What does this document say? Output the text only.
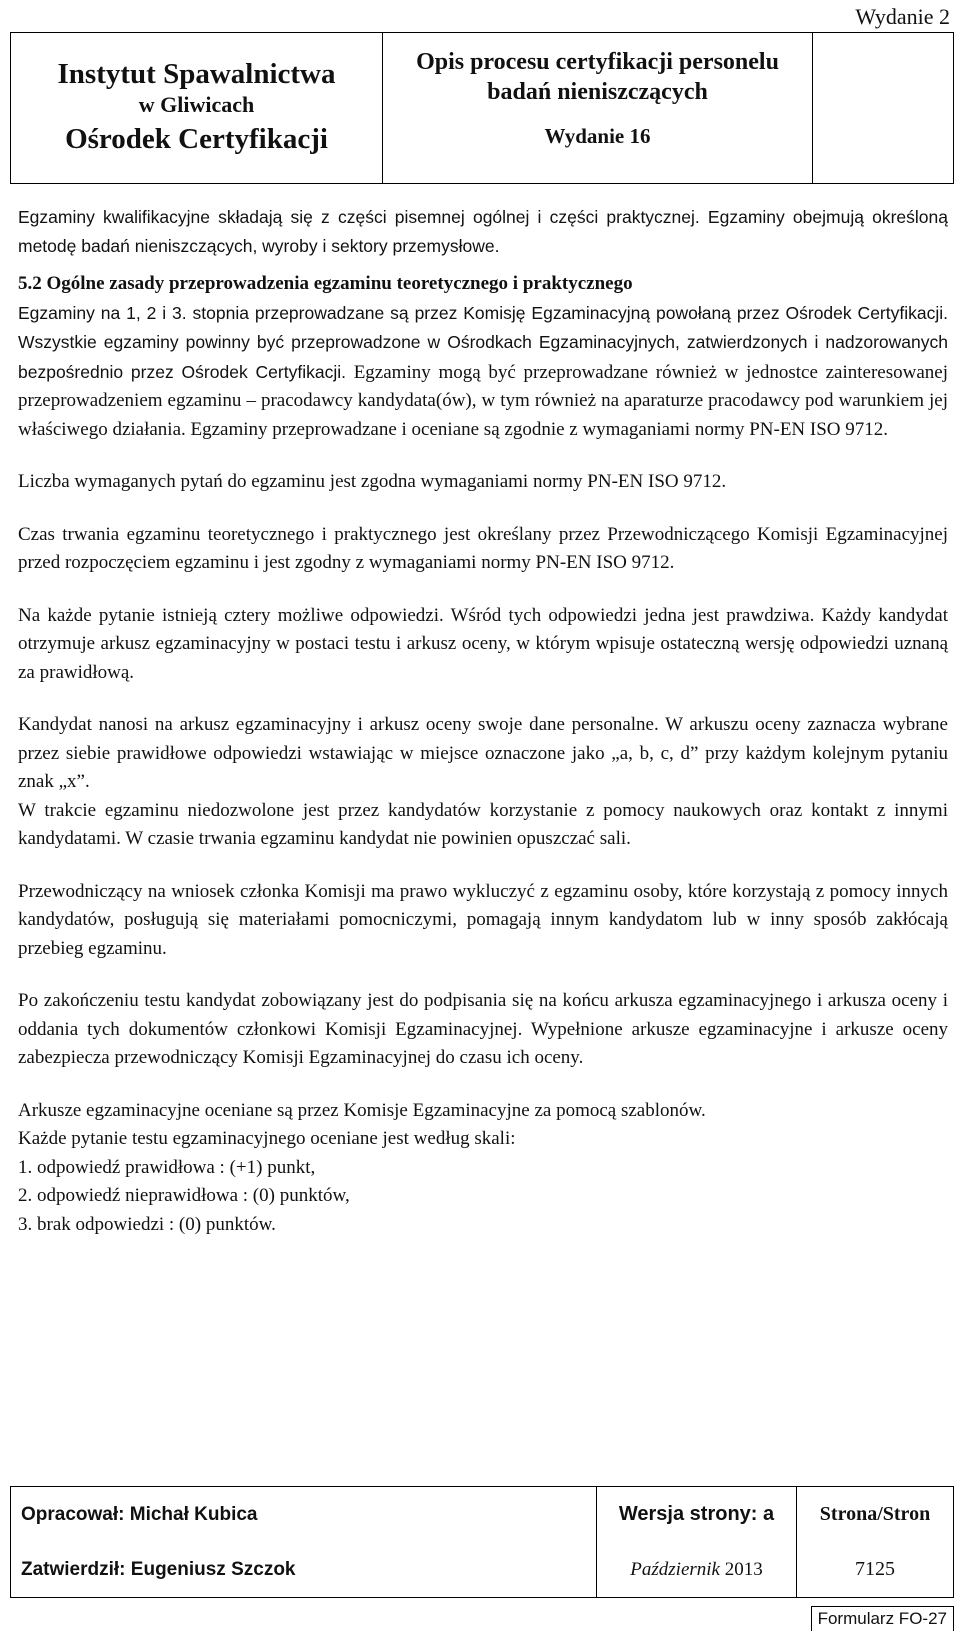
Wydanie 2
Instytut Spawalnictwa
w Gliwicach
Ośrodek Certyfikacji
Opis procesu certyfikacji personelu
badań nieniszczących
Wydanie 16

Egzaminy kwalifikacyjne składają się z części pisemnej ogólnej i części praktycznej. Egzaminy obejmują określoną metodę badań nieniszczących, wyroby i sektory przemysłowe.

5.2 Ogólne zasady przeprowadzenia egzaminu teoretycznego i praktycznego

Egzaminy na 1, 2 i 3. stopnia przeprowadzane są przez Komisję Egzaminacyjną powołaną przez Ośrodek Certyfikacji. Wszystkie egzaminy powinny być przeprowadzone w Ośrodkach Egzaminacyjnych, zatwierdzonych i nadzorowanych bezpośrednio przez Ośrodek Certyfikacji. Egzaminy mogą być przeprowadzane również w jednostce zainteresowanej przeprowadzeniem egzaminu – pracodawcy kandydata(ów), w tym również na aparaturze pracodawcy pod warunkiem jej właściwego działania. Egzaminy przeprowadzane i oceniane są zgodnie z wymaganiami normy PN-EN ISO 9712.

Liczba wymaganych pytań do egzaminu jest zgodna wymaganiami normy PN-EN ISO 9712.

Czas trwania egzaminu teoretycznego i praktycznego jest określany przez Przewodniczącego Komisji Egzaminacyjnej przed rozpoczęciem egzaminu i jest zgodny z wymaganiami normy PN-EN ISO 9712.

Na każde pytanie istnieją cztery możliwe odpowiedzi. Wśród tych odpowiedzi jedna jest prawdziwa. Każdy kandydat otrzymuje arkusz egzaminacyjny w postaci testu i arkusz oceny, w którym wpisuje ostateczną wersję odpowiedzi uznaną za prawidłową.

Kandydat nanosi na arkusz egzaminacyjny i arkusz oceny swoje dane personalne. W arkuszu oceny zaznacza wybrane przez siebie prawidłowe odpowiedzi wstawiając w miejsce oznaczone jako „a, b, c, d” przy każdym kolejnym pytaniu znak „x”.

W trakcie egzaminu niedozwolone jest przez kandydatów korzystanie z pomocy naukowych oraz kontakt z innymi kandydatami. W czasie trwania egzaminu kandydat nie powinien opuszczać sali.

Przewodniczący na wniosek członka Komisji ma prawo wykluczyć z egzaminu osoby, które korzystają z pomocy innych kandydatów, posługują się materiałami pomocniczymi, pomagają innym kandydatom lub w inny sposób zakłócają przebieg egzaminu.

Po zakończeniu testu kandydat zobowiązany jest do podpisania się na końcu arkusza egzaminacyjnego i arkusza oceny i oddania tych dokumentów członkowi Komisji Egzaminacyjnej. Wypełnione arkusze egzaminacyjne i arkusze oceny zabezpiecza przewodniczący Komisji Egzaminacyjnej do czasu ich oceny.

Arkusze egzaminacyjne oceniane są przez Komisje Egzaminacyjne za pomocą szablonów.

Każde pytanie testu egzaminacyjnego oceniane jest według skali:

1. odpowiedź prawidłowa : (+1) punkt,

2. odpowiedź nieprawidłowa : (0) punktów,

3. brak odpowiedzi : (0) punktów.

Opracował: Michał Kubica
Zatwierdził: Eugeniusz Szczok
Wersja strony: a
Październik 2013
Strona/Stron
7125
Formularz FO-27
